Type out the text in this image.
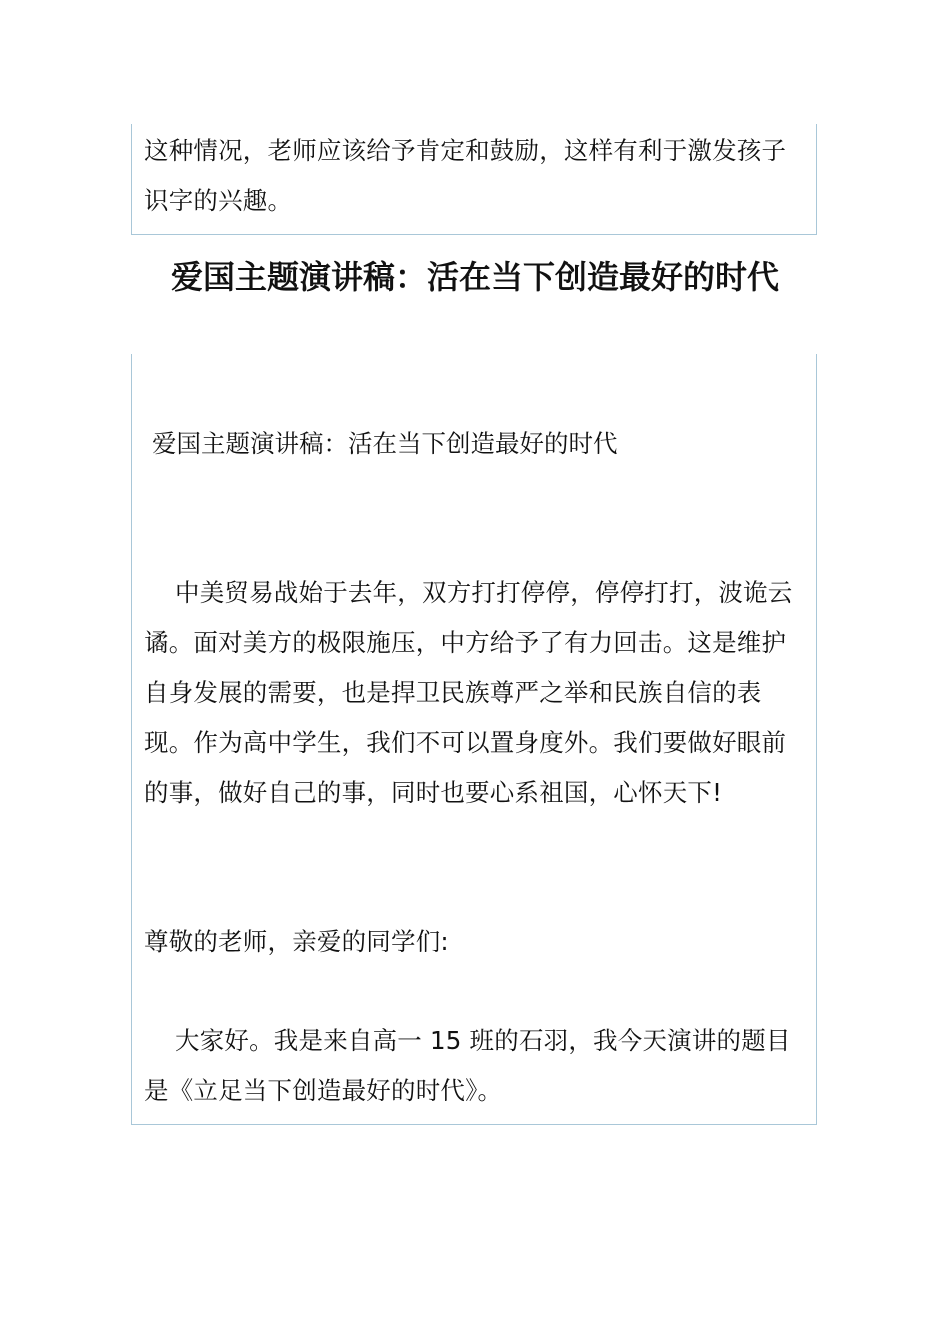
这种情况，老师应该给予肯定和鼓励，这样有利于激发孩子识字的兴趣。

爱国主题演讲稿：活在当下创造最好的时代

爱国主题演讲稿：活在当下创造最好的时代

中美贸易战始于去年，双方打打停停，停停打打，波诡云谲。面对美方的极限施压，中方给予了有力回击。这是维护自身发展的需要，也是捍卫民族尊严之举和民族自信的表现。作为高中学生，我们不可以置身度外。我们要做好眼前的事，做好自己的事，同时也要心系祖国，心怀天下!

尊敬的老师，亲爱的同学们:

大家好。我是来自高一 15 班的石羽，我今天演讲的题目是《立足当下创造最好的时代》。
